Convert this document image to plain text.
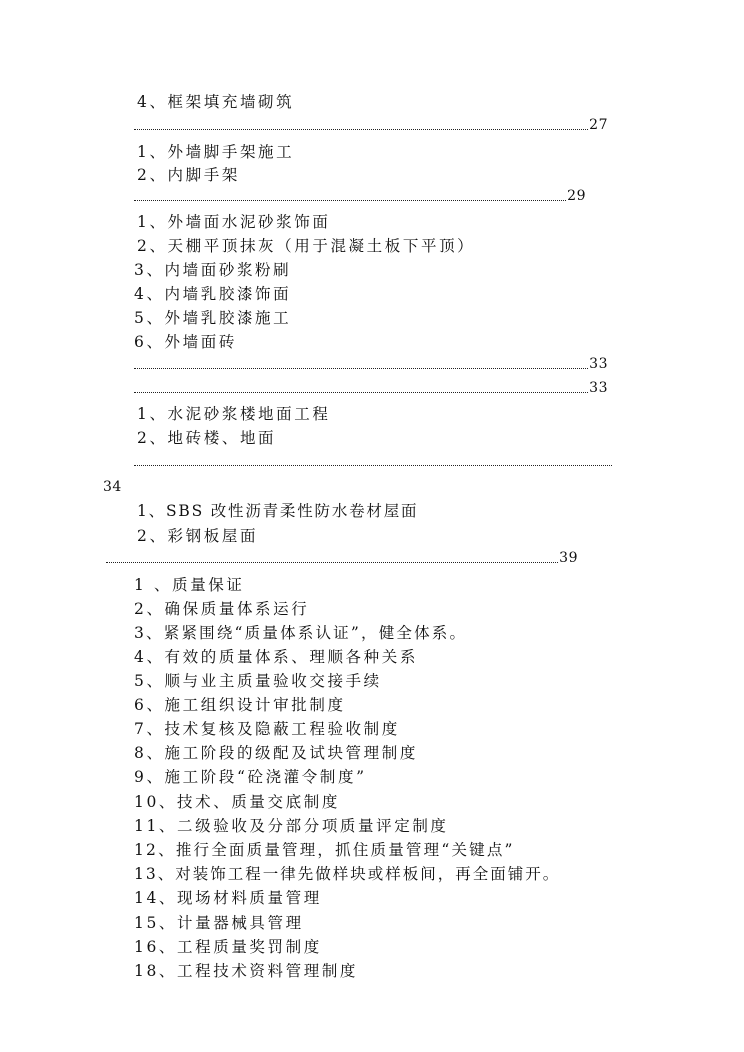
4、框架填充墙砌筑
27
1、外墙脚手架施工
2、内脚手架
29
1、外墙面水泥砂浆饰面
2、天棚平顶抹灰（用于混凝土板下平顶）
3、内墙面砂浆粉刷
4、内墙乳胶漆饰面
5、外墙乳胶漆施工
6、外墙面砖
33
33
1、水泥砂浆楼地面工程
2、地砖楼、地面
34
1、SBS 改性沥青柔性防水卷材屋面
2、彩钢板屋面
39
1 、质量保证
2、确保质量体系运行
3、紧紧围绕“质量体系认证”，健全体系。
4、有效的质量体系、理顺各种关系
5、顺与业主质量验收交接手续
6、施工组织设计审批制度
7、技术复核及隐蔽工程验收制度
8、施工阶段的级配及试块管理制度
9、施工阶段“砼浇灌令制度”
10、技术、质量交底制度
11、二级验收及分部分项质量评定制度
12、推行全面质量管理，抓住质量管理“关键点”
13、对装饰工程一律先做样块或样板间，再全面铺开。
14、现场材料质量管理
15、计量器械具管理
16、工程质量奖罚制度
18、工程技术资料管理制度
